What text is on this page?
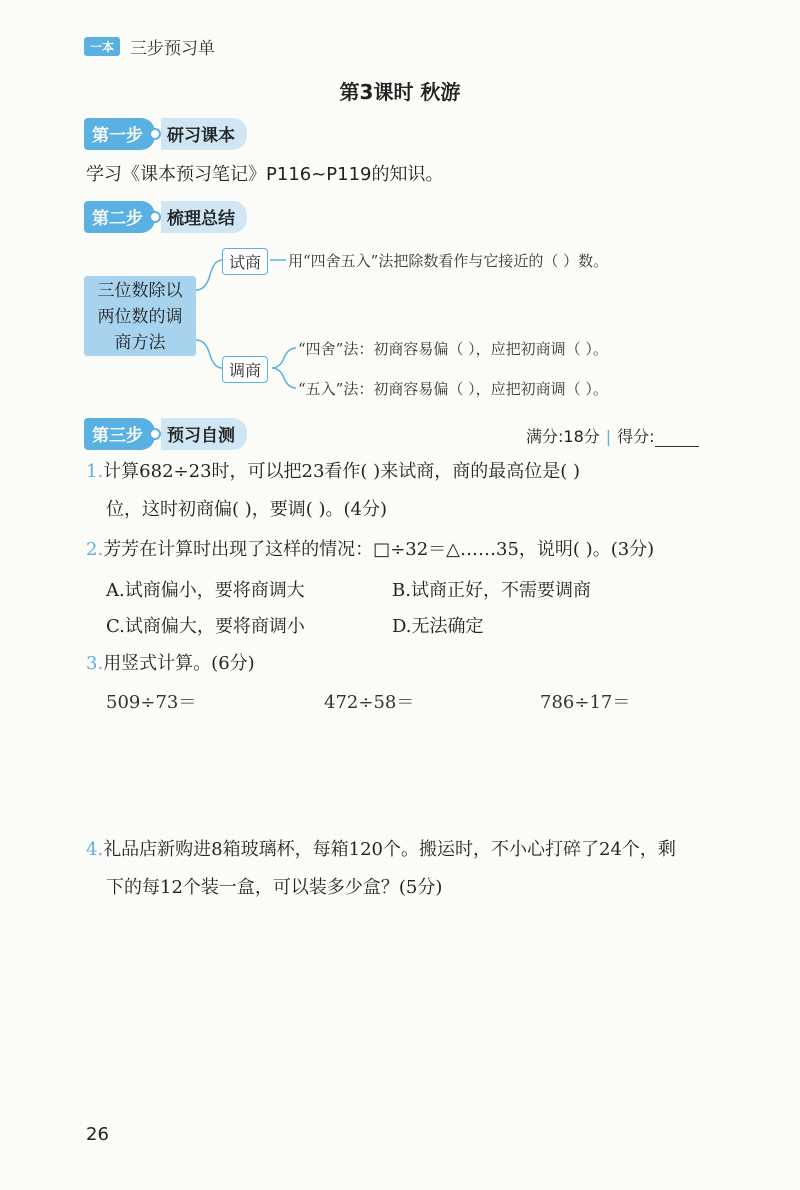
一本 三步预习单
第3课时 秋游
第一步	研习课本
学习《课本预习笔记》P116~P119的知识。
第二步	梳理总结
三位数除以
两位数的调
商方法
试商	用“四舍五入”法把除数看作与它接近的（ ）数。
调商
“四舍”法：初商容易偏（ ），应把初商调（ ）。
“五入”法：初商容易偏（ ），应把初商调（ ）。
第三步	预习自测	满分:18分 | 得分:
1.计算682÷23时，可以把23看作( )来试商，商的最高位是( )
位，这时初商偏( )，要调( )。(4分)
2.芳芳在计算时出现了这样的情况：□÷32＝△……35，说明( )。(3分)
A.试商偏小，要将商调大	B.试商正好，不需要调商
C.试商偏大，要将商调小	D.无法确定
3.用竖式计算。(6分)
509÷73＝	472÷58＝	786÷17＝
4.礼品店新购进8箱玻璃杯，每箱120个。搬运时，不小心打碎了24个，剩
下的每12个装一盒，可以装多少盒？(5分)
26
